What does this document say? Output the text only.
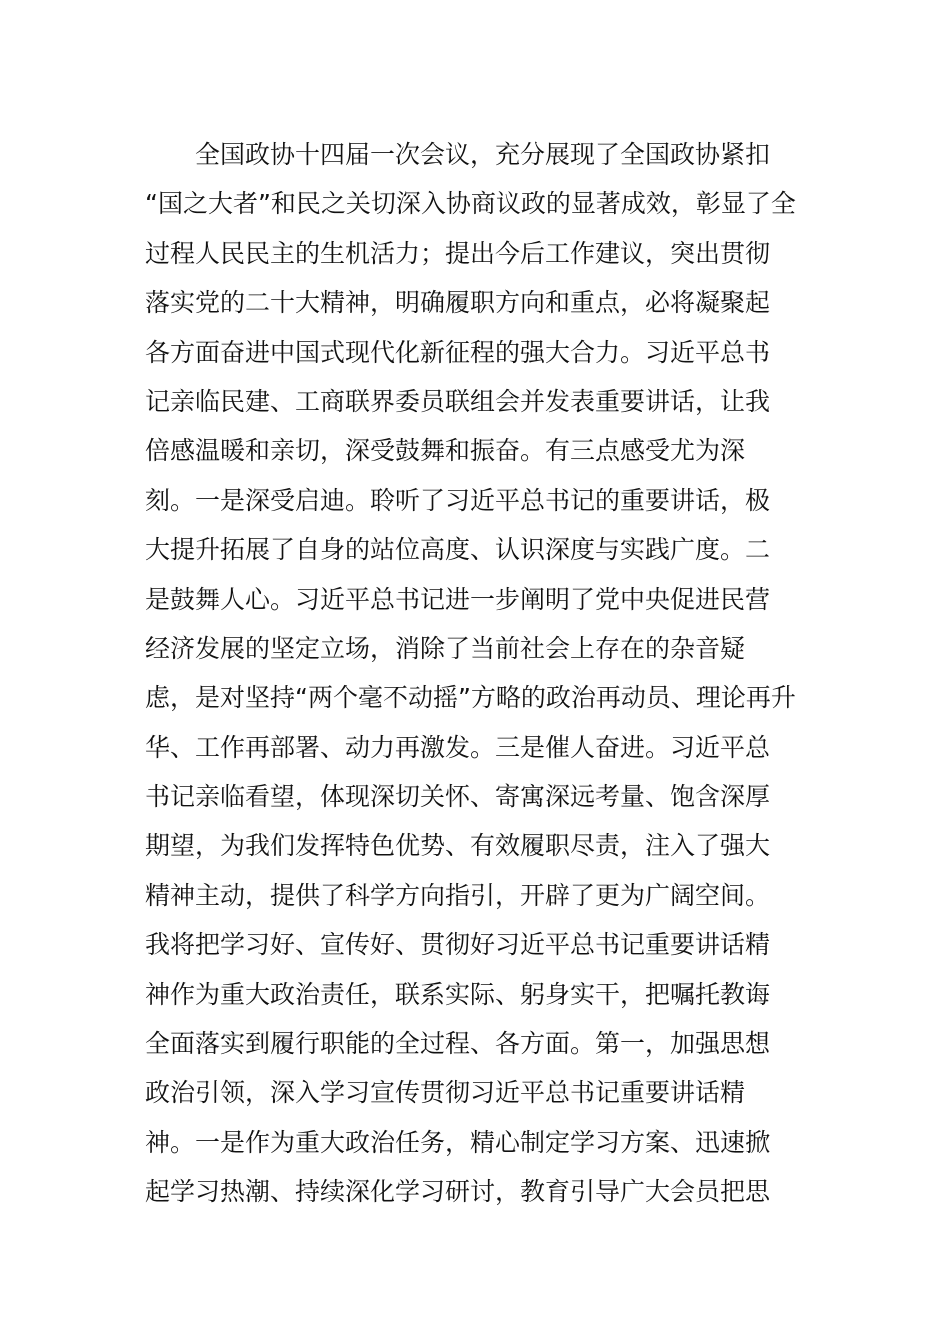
全国政协十四届一次会议，充分展现了全国政协紧扣
“国之大者”和民之关切深入协商议政的显著成效，彰显了全
过程人民民主的生机活力；提出今后工作建议，突出贯彻
落实党的二十大精神，明确履职方向和重点，必将凝聚起
各方面奋进中国式现代化新征程的强大合力。习近平总书
记亲临民建、工商联界委员联组会并发表重要讲话，让我
倍感温暖和亲切，深受鼓舞和振奋。有三点感受尤为深
刻。一是深受启迪。聆听了习近平总书记的重要讲话，极
大提升拓展了自身的站位高度、认识深度与实践广度。二
是鼓舞人心。习近平总书记进一步阐明了党中央促进民营
经济发展的坚定立场，消除了当前社会上存在的杂音疑
虑，是对坚持“两个毫不动摇”方略的政治再动员、理论再升
华、工作再部署、动力再激发。三是催人奋进。习近平总
书记亲临看望，体现深切关怀、寄寓深远考量、饱含深厚
期望，为我们发挥特色优势、有效履职尽责，注入了强大
精神主动，提供了科学方向指引，开辟了更为广阔空间。
我将把学习好、宣传好、贯彻好习近平总书记重要讲话精
神作为重大政治责任，联系实际、躬身实干，把嘱托教诲
全面落实到履行职能的全过程、各方面。第一，加强思想
政治引领，深入学习宣传贯彻习近平总书记重要讲话精
神。一是作为重大政治任务，精心制定学习方案、迅速掀
起学习热潮、持续深化学习研讨，教育引导广大会员把思
